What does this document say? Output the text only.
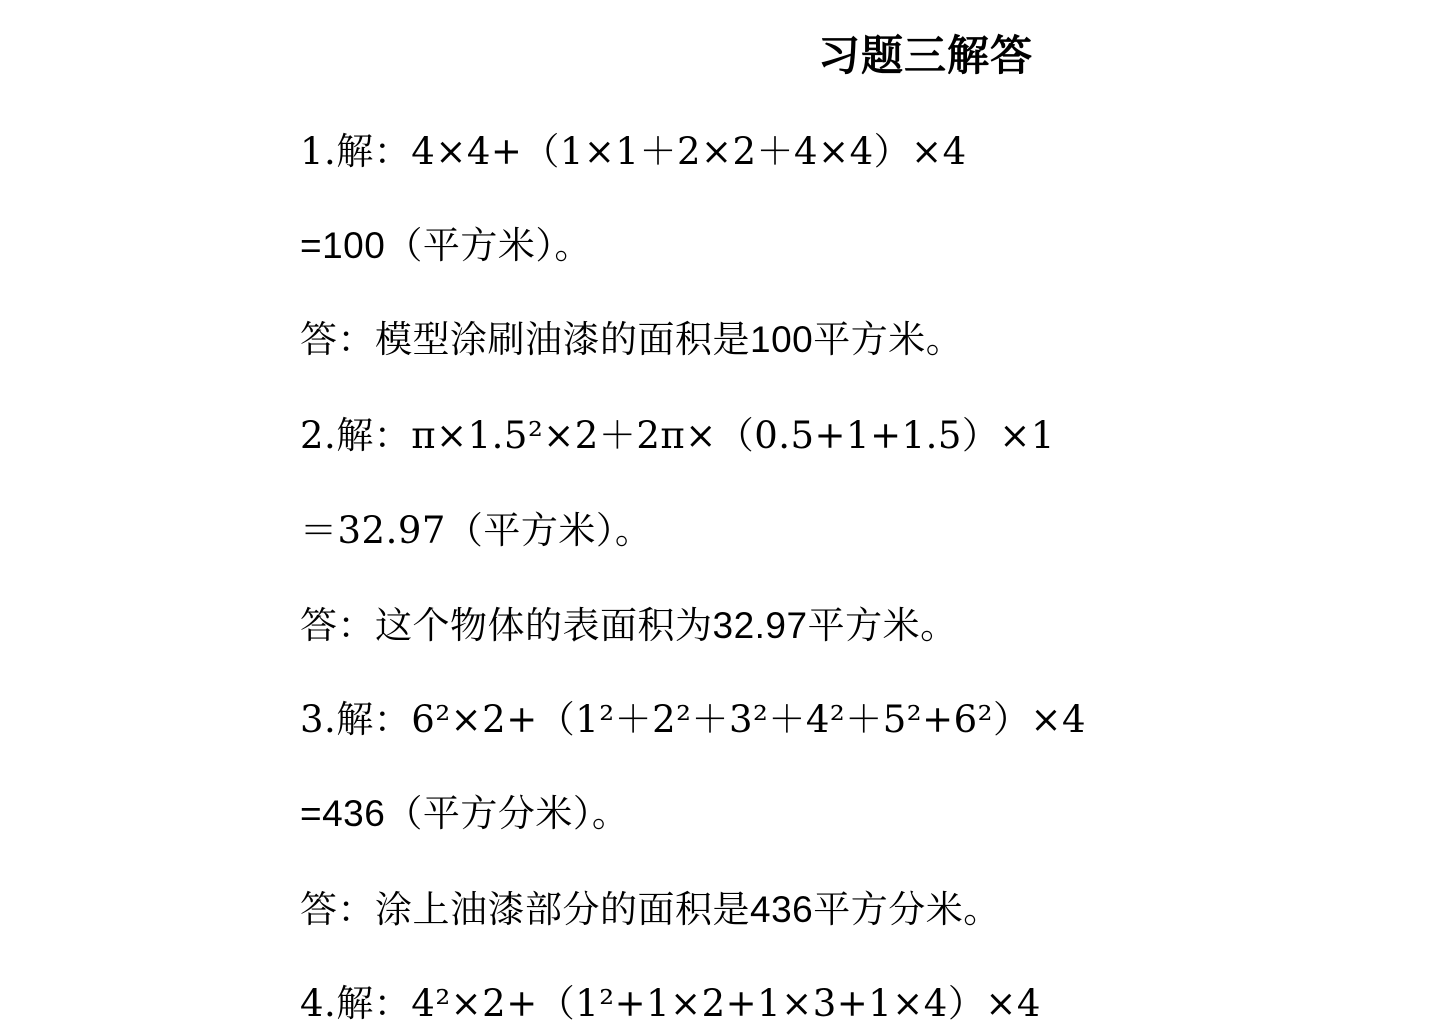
习题三解答
1.解：4×4+（1×1＋2×2＋4×4）×4
=100（平方米）。
答：模型涂刷油漆的面积是100平方米。
2.解：π×1.5²×2＋2π×（0.5+1+1.5）×1
＝32.97（平方米）。
答：这个物体的表面积为32.97平方米。
3.解：6²×2+（1²＋2²＋3²＋4²＋5²+6²）×4
=436（平方分米）。
答：涂上油漆部分的面积是436平方分米。
4.解：4²×2+（1²+1×2+1×3+1×4）×4
